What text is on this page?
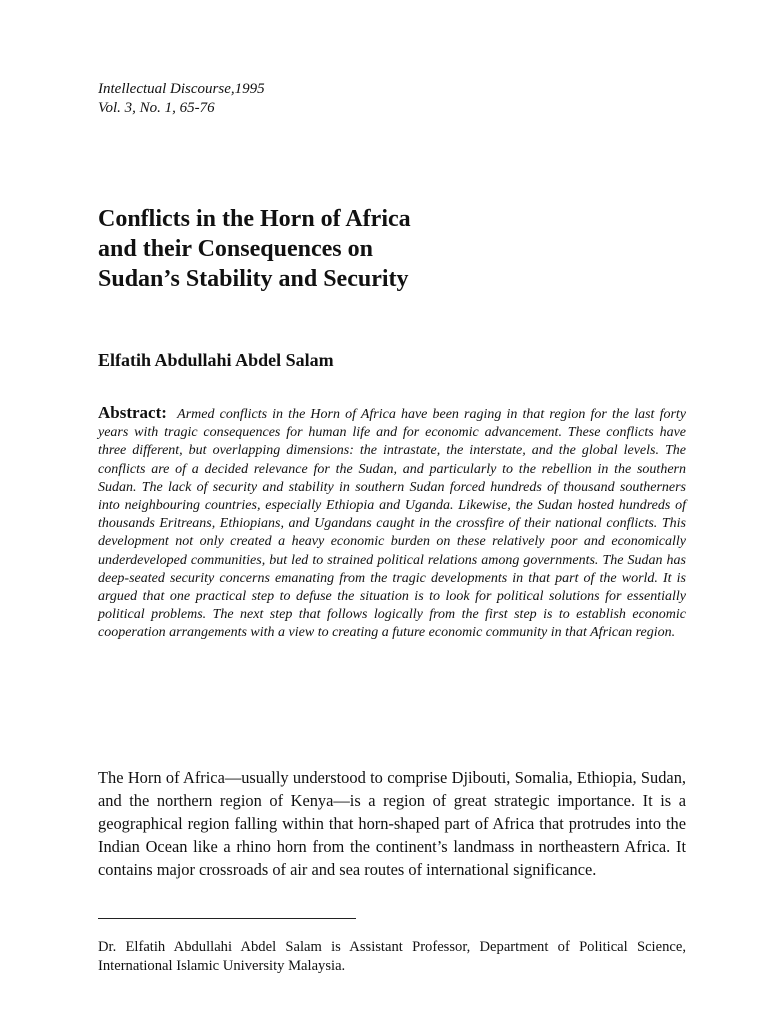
Intellectual Discourse,1995
Vol. 3, No. 1, 65-76
Conflicts in the Horn of Africa
and their Consequences on
Sudan’s Stability and Security
Elfatih Abdullahi Abdel Salam
Abstract: Armed conflicts in the Horn of Africa have been raging in that region for the last forty years with tragic consequences for human life and for economic advancement. These conflicts have three different, but overlapping dimensions: the intrastate, the interstate, and the global levels. The conflicts are of a decided relevance for the Sudan, and particularly to the rebellion in the southern Sudan. The lack of security and stability in southern Sudan forced hundreds of thousand southerners into neighbouring countries, especially Ethiopia and Uganda. Likewise, the Sudan hosted hundreds of thousands Eritreans, Ethiopians, and Ugandans caught in the crossfire of their national conflicts. This development not only created a heavy economic burden on these relatively poor and economically underdeveloped communities, but led to strained political relations among governments. The Sudan has deep-seated security concerns emanating from the tragic developments in that part of the world. It is argued that one practical step to defuse the situation is to look for political solutions for essentially political problems. The next step that follows logically from the first step is to establish economic cooperation arrangements with a view to creating a future economic community in that African region.
The Horn of Africa—usually understood to comprise Djibouti, Somalia, Ethiopia, Sudan, and the northern region of Kenya—is a region of great strategic importance. It is a geographical region falling within that horn-shaped part of Africa that protrudes into the Indian Ocean like a rhino horn from the continent’s landmass in northeastern Africa. It contains major crossroads of air and sea routes of international significance.
Dr. Elfatih Abdullahi Abdel Salam is Assistant Professor, Department of Political Science, International Islamic University Malaysia.
